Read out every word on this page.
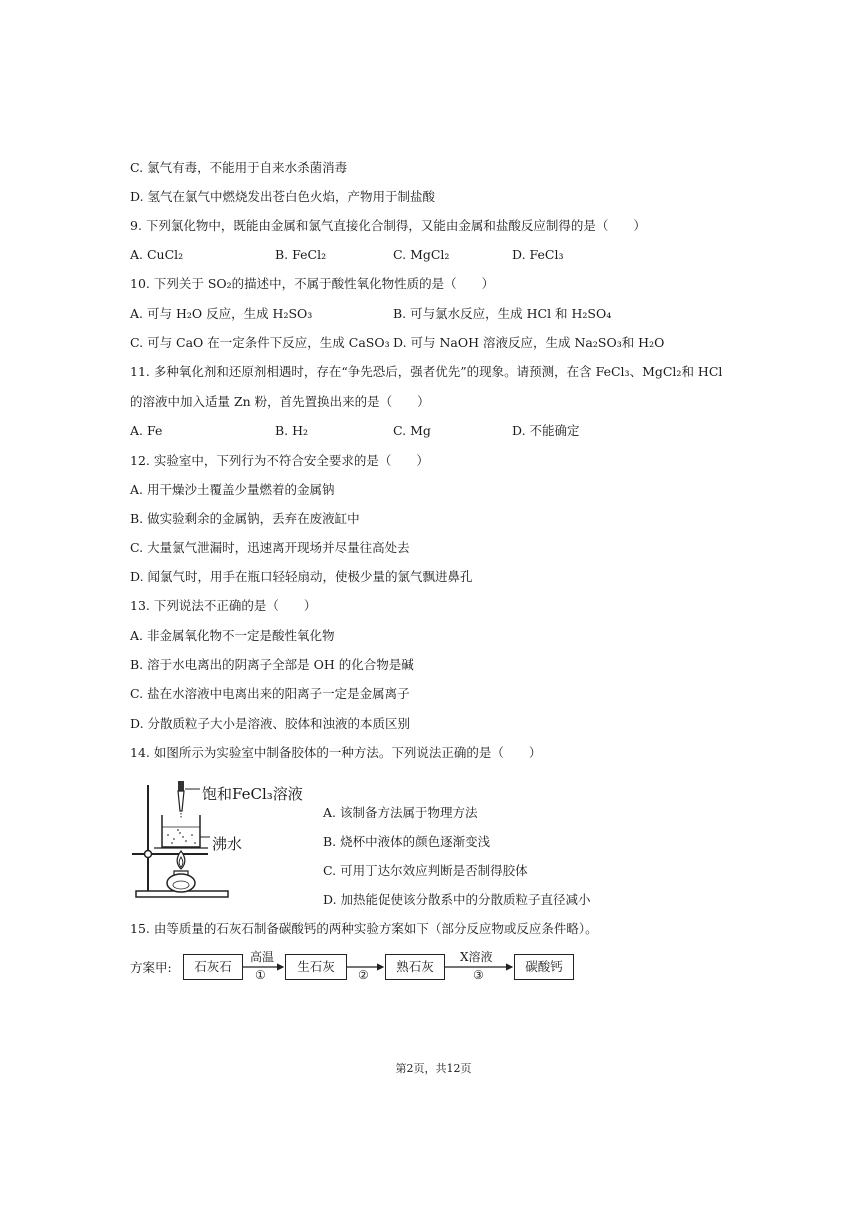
C. 氯气有毒，不能用于自来水杀菌消毒
D. 氢气在氯气中燃烧发出苍白色火焰，产物用于制盐酸
9. 下列氯化物中，既能由金属和氯气直接化合制得，又能由金属和盐酸反应制得的是（　　）
A. CuCl₂	B. FeCl₂	C. MgCl₂	D. FeCl₃
10. 下列关于 SO₂的描述中，不属于酸性氧化物性质的是（　　）
A. 可与 H₂O 反应，生成 H₂SO₃	B. 可与氯水反应，生成 HCl 和 H₂SO₄
C. 可与 CaO 在一定条件下反应，生成 CaSO₃ D. 可与 NaOH 溶液反应，生成 Na₂SO₃和 H₂O
11. 多种氧化剂和还原剂相遇时，存在“争先恐后，强者优先”的现象。请预测，在含 FeCl₃、MgCl₂和 HCl
的溶液中加入适量 Zn 粉，首先置换出来的是（　　）
A. Fe	B. H₂	C. Mg	D. 不能确定
12. 实验室中，下列行为不符合安全要求的是（　　）
A. 用干燥沙土覆盖少量燃着的金属钠
B. 做实验剩余的金属钠，丢弃在废液缸中
C. 大量氯气泄漏时，迅速离开现场并尽量往高处去
D. 闻氯气时，用手在瓶口轻轻扇动，使极少量的氯气飘进鼻孔
13. 下列说法不正确的是（　　）
A. 非金属氧化物不一定是酸性氧化物
B. 溶于水电离出的阴离子全部是 OH 的化合物是碱
C. 盐在水溶液中电离出来的阳离子一定是金属离子
D. 分散质粒子大小是溶液、胶体和浊液的本质区别
14. 如图所示为实验室中制备胶体的一种方法。下列说法正确的是（　　）
饱和FeCl₃溶液
沸水
A. 该制备方法属于物理方法
B. 烧杯中液体的颜色逐渐变浅
C. 可用丁达尔效应判断是否制得胶体
D. 加热能促使该分散系中的分散质粒子直径减小
15. 由等质量的石灰石制备碳酸钙的两种实验方案如下（部分反应物或反应条件略）。
方案甲:	石灰石	生石灰	熟石灰	碳酸钙
高温
①	②
X溶液
③
第2页，共12页
